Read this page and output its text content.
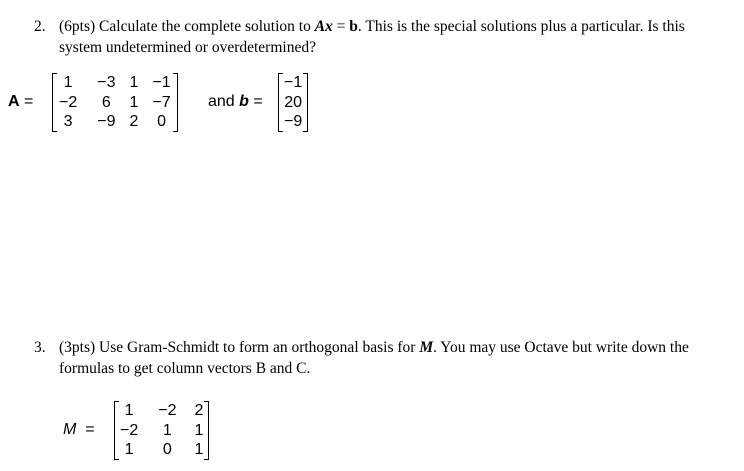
2. (6pts) Calculate the complete solution to Ax = b. This is the special solutions plus a particular. Is this
system undetermined or overdetermined?
A =
1	−3	1	−1
−2	6	1	−7
3	−9	2	0
and b =
−1
20
−9
3. (3pts) Use Gram-Schmidt to form an orthogonal basis for M. You may use Octave but write down the
formulas to get column vectors B and C.
M =
1	−2	2
−2	1	1
1	0	1
